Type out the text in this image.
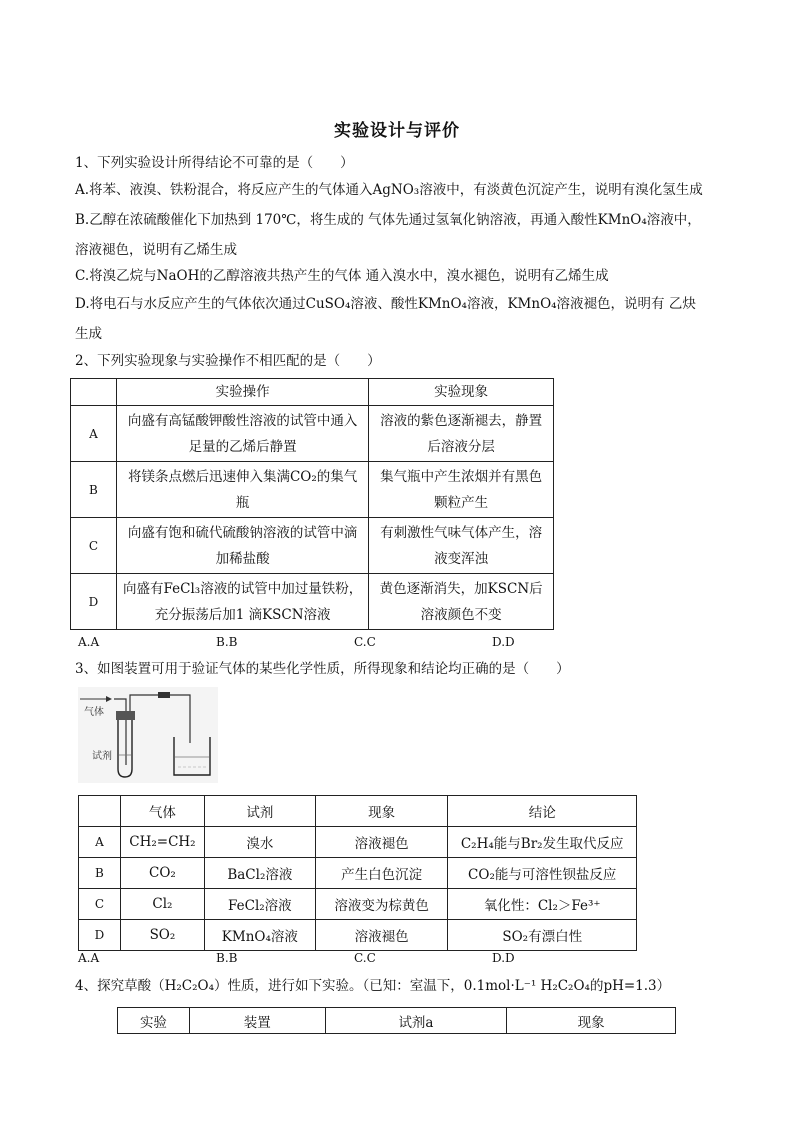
实验设计与评价
1、下列实验设计所得结论不可靠的是（　　）
A.将苯、液溴、铁粉混合，将反应产生的气体通入AgNO₃溶液中，有淡黄色沉淀产生，说明有溴化氢生成
B.乙醇在浓硫酸催化下加热到 170℃，将生成的 气体先通过氢氧化钠溶液，再通入酸性KMnO₄溶液中，
溶液褪色，说明有乙烯生成
C.将溴乙烷与NaOH的乙醇溶液共热产生的气体 通入溴水中，溴水褪色，说明有乙烯生成
D.将电石与水反应产生的气体依次通过CuSO₄溶液、酸性KMnO₄溶液，KMnO₄溶液褪色，说明有 乙炔
生成
2、下列实验现象与实验操作不相匹配的是（　　）
	实验操作	实验现象
A	向盛有高锰酸钾酸性溶液的试管中通入足量的乙烯后静置	溶液的紫色逐渐褪去，静置后溶液分层
B	将镁条点燃后迅速伸入集满CO₂的集气瓶	集气瓶中产生浓烟并有黑色颗粒产生
C	向盛有饱和硫代硫酸钠溶液的试管中滴加稀盐酸	有刺激性气味气体产生，溶液变浑浊
D	向盛有FeCl₃溶液的试管中加过量铁粉，充分振荡后加1 滴KSCN溶液	黄色逐渐消失，加KSCN后溶液颜色不变
A.A	B.B	C.C	D.D
3、如图装置可用于验证气体的某些化学性质，所得现象和结论均正确的是（　　）
气体
试剂
	气体	试剂	现象	结论
A	CH₂=CH₂	溴水	溶液褪色	C₂H₄能与Br₂发生取代反应
B	CO₂	BaCl₂溶液	产生白色沉淀	CO₂能与可溶性钡盐反应
C	Cl₂	FeCl₂溶液	溶液变为棕黄色	氧化性：Cl₂＞Fe³⁺
D	SO₂	KMnO₄溶液	溶液褪色	SO₂有漂白性
A.A	B.B	C.C	D.D
4、探究草酸（H₂C₂O₄）性质，进行如下实验。（已知：室温下，0.1mol·L⁻¹ H₂C₂O₄的pH=1.3）
实验	装置	试剂a	现象
